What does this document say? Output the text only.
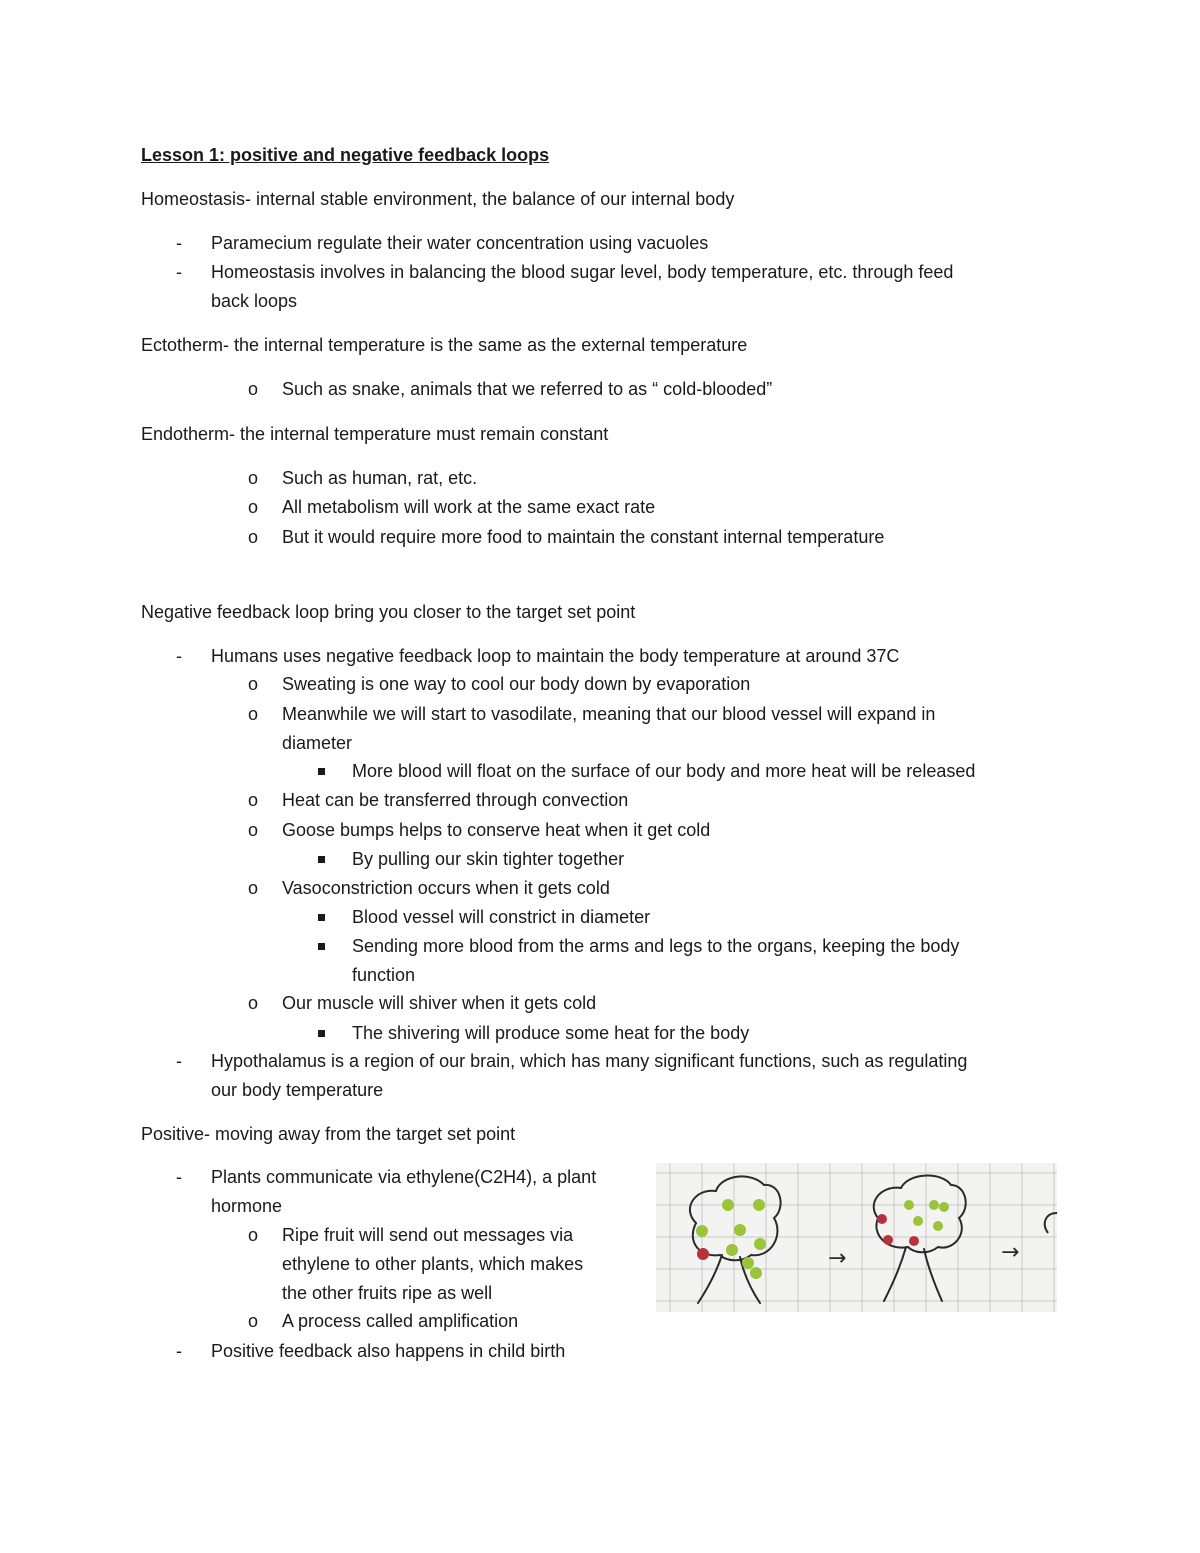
Lesson 1: positive and negative feedback loops
Homeostasis- internal stable environment, the balance of our internal body
- Paramecium regulate their water concentration using vacuoles
- Homeostasis involves in balancing the blood sugar level, body temperature, etc. through feed
back loops
Ectotherm- the internal temperature is the same as the external temperature
o Such as snake, animals that we referred to as “ cold-blooded”
Endotherm- the internal temperature must remain constant
o Such as human, rat, etc.
o All metabolism will work at the same exact rate
o But it would require more food to maintain the constant internal temperature
Negative feedback loop bring you closer to the target set point
- Humans uses negative feedback loop to maintain the body temperature at around 37C
o Sweating is one way to cool our body down by evaporation
o Meanwhile we will start to vasodilate, meaning that our blood vessel will expand in
diameter
More blood will float on the surface of our body and more heat will be released
o Heat can be transferred through convection
o Goose bumps helps to conserve heat when it get cold
By pulling our skin tighter together
o Vasoconstriction occurs when it gets cold
Blood vessel will constrict in diameter
Sending more blood from the arms and legs to the organs, keeping the body
function
o Our muscle will shiver when it gets cold
The shivering will produce some heat for the body
- Hypothalamus is a region of our brain, which has many significant functions, such as regulating
our body temperature
Positive- moving away from the target set point
- Plants communicate via ethylene(C2H4), a plant
hormone
o Ripe fruit will send out messages via
ethylene to other plants, which makes
the other fruits ripe as well
o A process called amplification
- Positive feedback also happens in child birth
→	→
